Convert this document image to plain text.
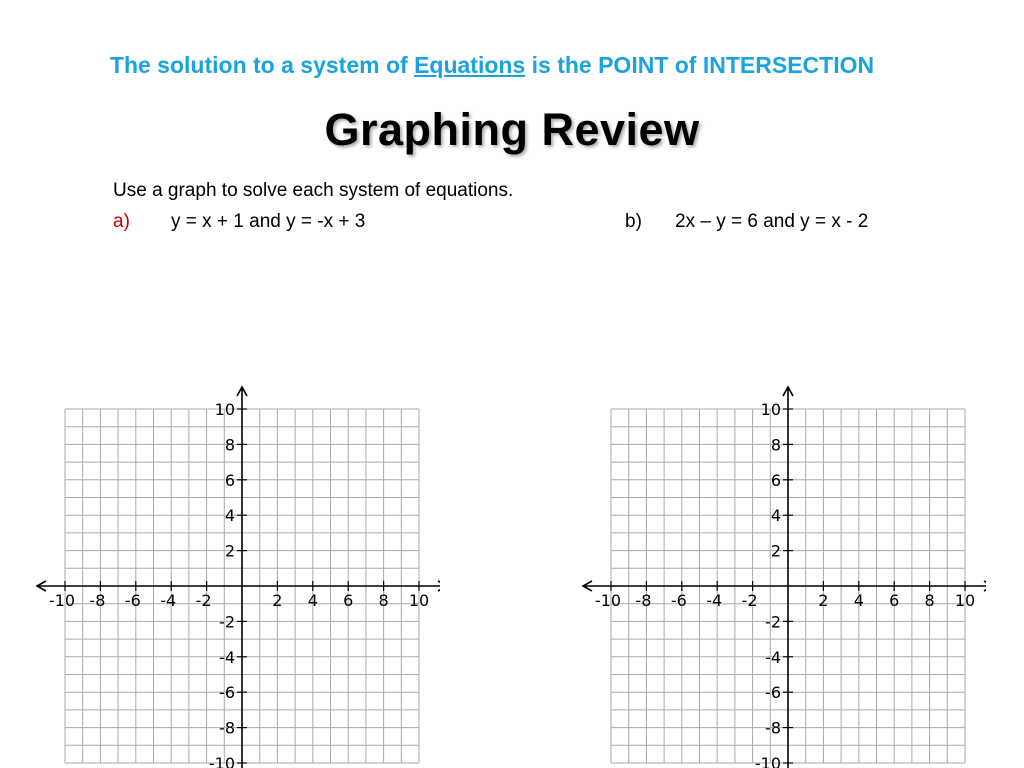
The solution to a system of Equations is the POINT of INTERSECTION
Graphing Review
Use a graph to solve each system of equations.
a) y = x + 1 and y = -x + 3	b) 2x – y = 6 and y = x - 2
-10 -8 -6 -4 -2	2 4 6 8 10
10
8
6
4
2
-2
-4
-6
-8
-10
-10 -8 -6 -4 -2	2 4 6 8 10
10
8
6
4
2
-2
-4
-6
-8
-10
